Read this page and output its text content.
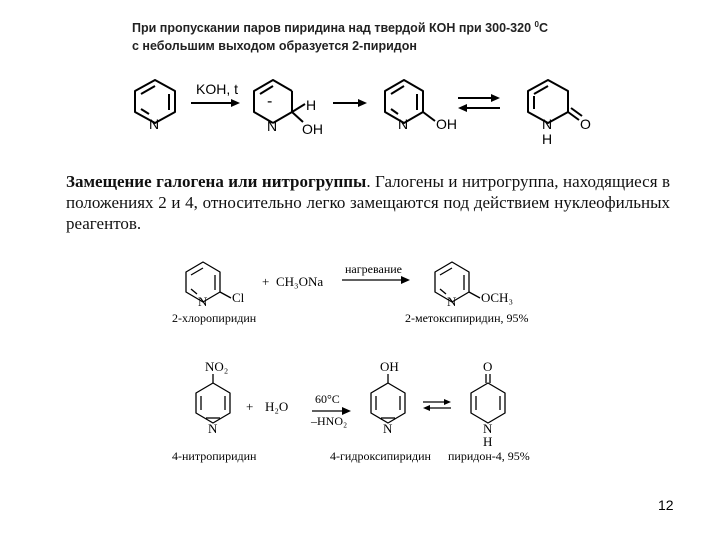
При пропускании паров пиридина над твердой КОН при 300-320 $^0$С
с небольшим выходом образуется 2-пиридон
KOH, t
N
-
N
H
OH	N OH	N
H
O
N Cl
+ CH₃ONa
нагревание
N OCH₃
2-хлоропиридин	2-метоксипиридин, 95%
NO₂
N
+ H₂O 60°C
–HNO₂
OH
N
O
N
H
4-нитропиридин	4-гидроксипиридин пиридон-4, 95%
Замещение галогена или нитрогруппы. Галогены и нитрогруппа, находящиеся в положениях 2 и 4, относительно легко замещаются под действием нуклеофильных реагентов.
12
